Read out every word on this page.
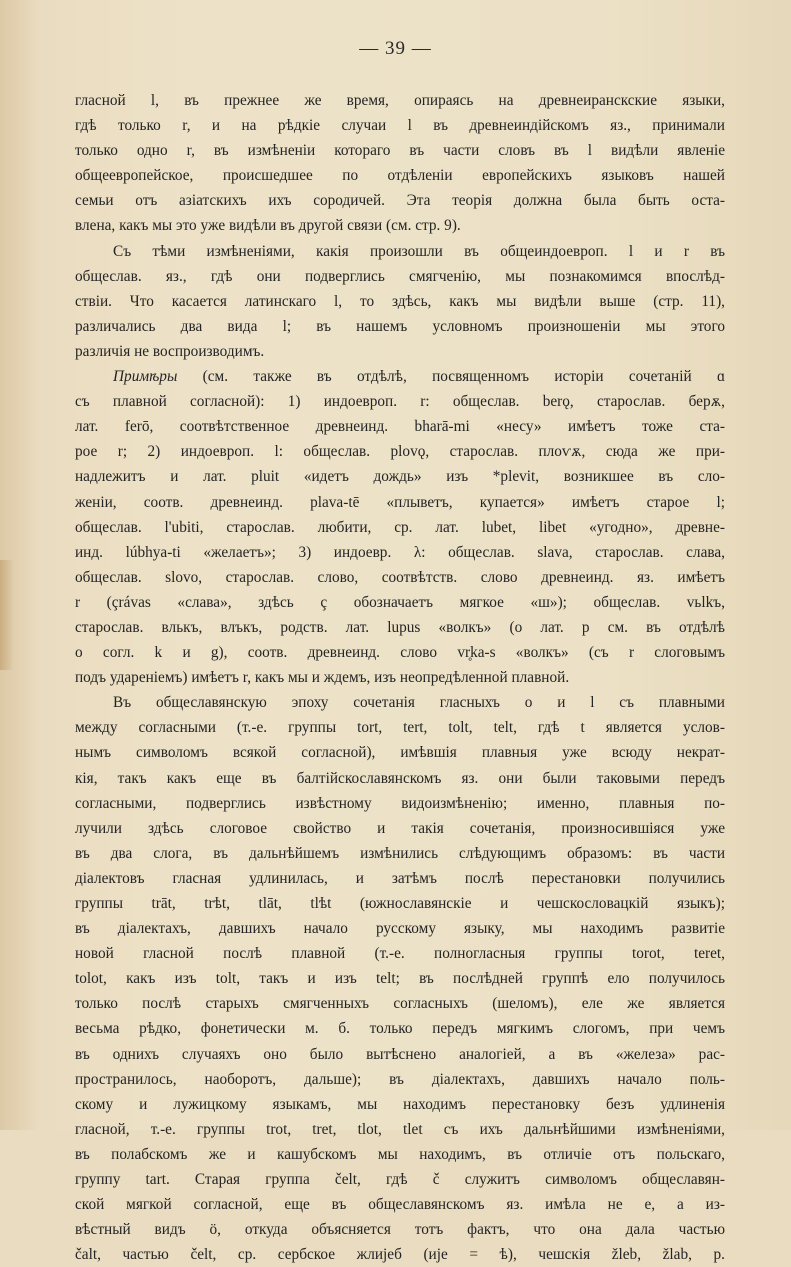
— 39 —
гласной l, въ прежнее же время, опираясь на древнеиранскские языки,
гдѣ только r, и на рѣдкіе случаи l въ древнеиндійскомъ яз., принимали
только одно r, въ измѣненіи котораго въ части словъ въ l видѣли явленіе
общеевропейское, происшедшее по отдѣленіи европейскихъ языковъ нашей
семьи отъ азіатскихъ ихъ сородичей. Эта теорія должна была быть оста-
влена, какъ мы это уже видѣли въ другой связи (см. стр. 9).
Съ тѣми измѣненіями, какія произошли въ общеиндоевроп. l и r въ
общеслав. яз., гдѣ они подверглись смягченію, мы познакомимся впослѣд-
ствіи. Что касается латинскаго l, то здѣсь, какъ мы видѣли выше (стр. 11),
различались два вида l; въ нашемъ условномъ произношеніи мы этого
различія не воспроизводимъ.
Примѣры (см. также въ отдѣлѣ, посвященномъ исторіи сочетаній ɑ
съ плавной согласной): 1) индоевроп. r: общеслав. berǫ, старослав. берѫ,
лат. ferō, соотвѣтственное древнеинд. bharā-mi «несу» имѣетъ тоже ста-
рое r; 2) индоевроп. l: общеслав. plovǫ, старослав. плоѵѫ, сюда же при-
надлежитъ и лат. pluit «идетъ дождь» изъ *plevit, возникшее въ сло-
женіи, соотв. древнеинд. plava-tē «плыветъ, купается» имѣетъ старое l;
общеслав. l'ubiti, старослав. любити, ср. лат. lubet, libet «угодно», древне-
инд. lúbhya-ti «желаетъ»; 3) индоевр. λ: общеслав. slava, старослав. слава,
общеслав. slovo, старослав. слово, соотвѣтств. слово древнеинд. яз. имѣетъ
r (çrávas «слава», здѣсь ç обозначаетъ мягкое «ш»); общеслав. vьlkъ,
старослав. влькъ, влъкъ, родств. лат. lupus «волкъ» (о лат. p см. въ отдѣлѣ
о согл. k и g), соотв. древнеинд. слово vr̥ka-s «волкъ» (съ r слоговымъ
подъ удареніемъ) имѣетъ r, какъ мы и ждемъ, изъ неопредѣленной плавной.
Въ общеславянскую эпоху сочетанія гласныхъ o и l съ плавными
между согласными (т.-е. группы tort, tert, tolt, telt, гдѣ t является услов-
нымъ символомъ всякой согласной), имѣвшія плавныя уже всюду некрат-
кія, такъ какъ еще въ балтійскославянскомъ яз. они были таковыми передъ
согласными, подверглись извѣстному видоизмѣненію; именно, плавныя по-
лучили здѣсь слоговое свойство и такія сочетанія, произносившіяся уже
въ два слога, въ дальнѣйшемъ измѣнились слѣдующимъ образомъ: въ части
діалектовъ гласная удлинилась, и затѣмъ послѣ перестановки получились
группы trāt, trѣt, tlāt, tlѣt (южнославянскіе и чешскословацкій языкъ);
въ діалектахъ, давшихъ начало русскому языку, мы находимъ развитіе
новой гласной послѣ плавной (т.-е. полногласныя группы torot, teret,
tolot, какъ изъ tolt, такъ и изъ telt; въ послѣдней группѣ ело получилось
только послѣ старыхъ смягченныхъ согласныхъ (шеломъ), еле же является
весьма рѣдко, фонетически м. б. только передъ мягкимъ слогомъ, при чемъ
въ однихъ случаяхъ оно было вытѣснено аналогіей, а въ «железа» рас-
пространилось, наоборотъ, дальше); въ діалектахъ, давшихъ начало поль-
скому и лужицкому языкамъ, мы находимъ перестановку безъ удлиненія
гласной, т.-е. группы trot, tret, tlot, tlet съ ихъ дальнѣйшими измѣненіями,
въ полабскомъ же и кашубскомъ мы находимъ, въ отличіе отъ польскаго,
группу tart. Старая группа čelt, гдѣ č служитъ символомъ общеславян-
ской мягкой согласной, еще въ общеславянскомъ яз. имѣла не e, а из-
вѣстный видъ ö, откуда объясняется тотъ фактъ, что она дала частью
čalt, частью čelt, ср. сербское жлиjеб (иjе = ѣ), чешскія žleb, žlab, р.
